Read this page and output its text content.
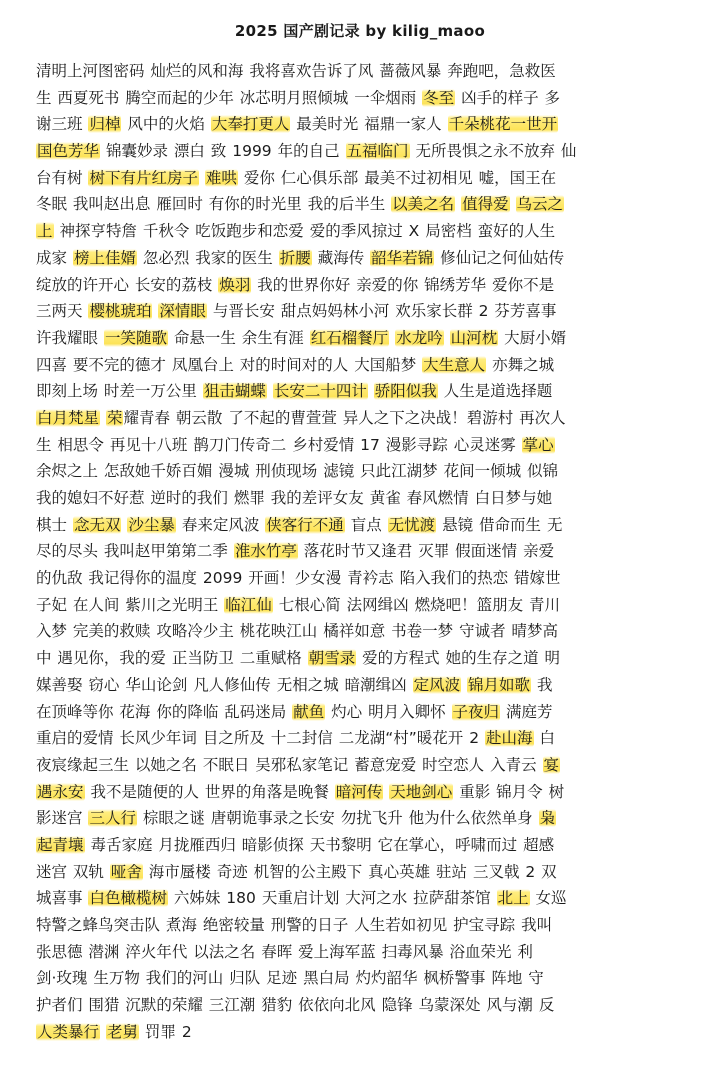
2025 国产剧记录 by kilig_maoo
清明上河图密码 灿烂的风和海 我将喜欢告诉了风 蔷薇风暴 奔跑吧，急救医
生 西夏死书 腾空而起的少年 冰芯明月照倾城 一伞烟雨 冬至 凶手的样子 多
谢三班 归棹 风中的火焰 大奉打更人 最美时光 福鼎一家人 千朵桃花一世开
国色芳华 锦囊妙录 漂白 致 1999 年的自己 五福临门 无所畏惧之永不放弃 仙
台有树 树下有片红房子 难哄 爱你 仁心俱乐部 最美不过初相见 嘘，国王在
冬眠 我叫赵出息 雁回时 有你的时光里 我的后半生 以美之名 值得爱 乌云之
上 神探亨特詹 千秋令 吃饭跑步和恋爱 爱的季风掠过 X 局密档 蛮好的人生
成家 榜上佳婿 忽必烈 我家的医生 折腰 藏海传 韶华若锦 修仙记之何仙姑传
绽放的许开心 长安的荔枝 焕羽 我的世界你好 亲爱的你 锦绣芳华 爱你不是
三两天 樱桃琥珀 深情眼 与晋长安 甜点妈妈林小河 欢乐家长群 2 芬芳喜事
许我耀眼 一笑随歌 命悬一生 余生有涯 红石榴餐厅 水龙吟 山河枕 大厨小婿
四喜 要不完的德才 凤凰台上 对的时间对的人 大国船梦 大生意人 亦舞之城
即刻上场 时差一万公里 狙击蝴蝶 长安二十四计 骄阳似我 人生是道选择题
白月梵星 荣耀青春 朝云散 了不起的曹萱萱 异人之下之决战！碧游村 再次人
生 相思令 再见十八班 鹊刀门传奇二 乡村爱情 17 漫影寻踪 心灵迷雾 掌心
余烬之上 怎敌她千娇百媚 漫城 刑侦现场 滤镜 只此江湖梦 花间一倾城 似锦
我的媳妇不好惹 逆时的我们 燃罪 我的差评女友 黄雀 春风燃情 白日梦与她
棋士 念无双 沙尘暴 春来定风波 侠客行不通 盲点 无忧渡 悬镜 借命而生 无
尽的尽头 我叫赵甲第第二季 淮水竹亭 落花时节又逢君 灭罪 假面迷情 亲爱
的仇敌 我记得你的温度 2099 开画！少女漫 青衿志 陷入我们的热恋 错嫁世
子妃 在人间 紫川之光明王 临江仙 七根心简 法网缉凶 燃烧吧！篮朋友 青川
入梦 完美的救赎 攻略冷少主 桃花映江山 橘祥如意 书卷一梦 守诚者 晴梦高
中 遇见你，我的爱 正当防卫 二重赋格 朝雪录 爱的方程式 她的生存之道 明
媒善娶 窃心 华山论剑 凡人修仙传 无相之城 暗潮缉凶 定风波 锦月如歌 我
在顶峰等你 花海 你的降临 乱码迷局 献鱼 灼心 明月入卿怀 子夜归 满庭芳
重启的爱情 长风少年词 目之所及 十二封信 二龙湖“村”暖花开 2 赴山海 白
夜宸缘起三生 以她之名 不眠日 吴邪私家笔记 蓄意宠爱 时空恋人 入青云 宴
遇永安 我不是随便的人 世界的角落是晚餐 暗河传 天地剑心 重影 锦月令 树
影迷宫 三人行 棕眼之谜 唐朝诡事录之长安 勿扰飞升 他为什么依然单身 枭
起青壤 毒舌家庭 月拢雁西归 暗影侦探 天书黎明 它在掌心，呼啸而过 超感
迷宫 双轨 哑舍 海市蜃楼 奇迹 机智的公主殿下 真心英雄 驻站 三叉戟 2 双
城喜事 白色橄榄树 六姊妹 180 天重启计划 大河之水 拉萨甜茶馆 北上 女巡
特警之蜂鸟突击队 煮海 绝密较量 刑警的日子 人生若如初见 护宝寻踪 我叫
张思德 潜渊 淬火年代 以法之名 春晖 爱上海军蓝 扫毒风暴 浴血荣光 利
剑·玫瑰 生万物 我们的河山 归队 足迹 黑白局 灼灼韶华 枫桥警事 阵地 守
护者们 围猎 沉默的荣耀 三江潮 猎豹 依依向北风 隐锋 乌蒙深处 风与潮 反
人类暴行 老舅 罚罪 2
